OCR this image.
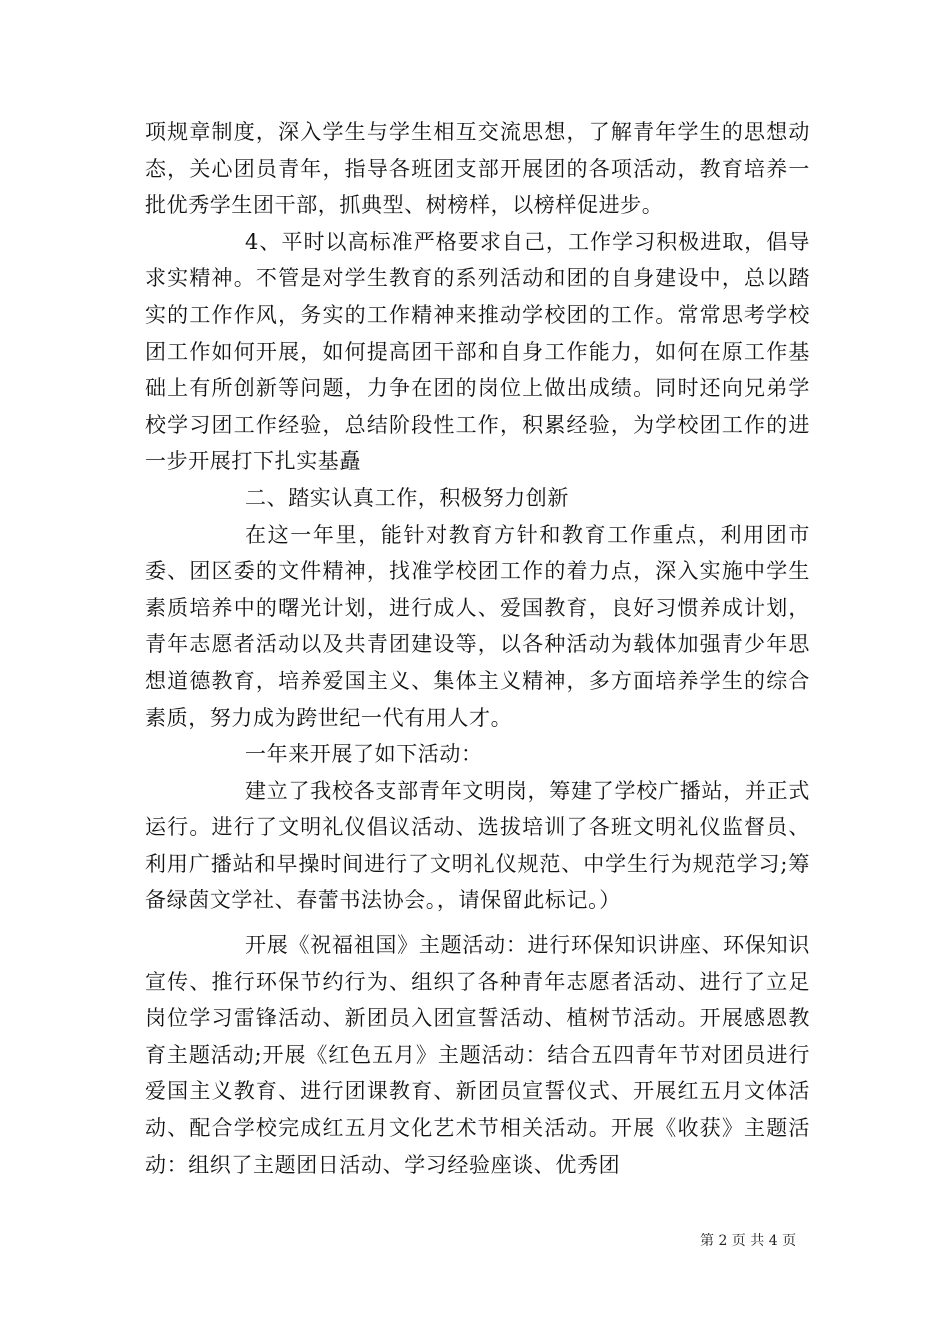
项规章制度，深入学生与学生相互交流思想，了解青年学生的思想动态，关心团员青年，指导各班团支部开展团的各项活动，教育培养一批优秀学生团干部，抓典型、树榜样，以榜样促进步。

4、平时以高标准严格要求自己，工作学习积极进取，倡导求实精神。不管是对学生教育的系列活动和团的自身建设中，总以踏实的工作作风，务实的工作精神来推动学校团的工作。常常思考学校团工作如何开展，如何提高团干部和自身工作能力，如何在原工作基础上有所创新等问题，力争在团的岗位上做出成绩。同时还向兄弟学校学习团工作经验，总结阶段性工作，积累经验，为学校团工作的进一步开展打下扎实基矗

二、踏实认真工作，积极努力创新

在这一年里，能针对教育方针和教育工作重点，利用团市委、团区委的文件精神，找准学校团工作的着力点，深入实施中学生素质培养中的曙光计划，进行成人、爱国教育，良好习惯养成计划，青年志愿者活动以及共青团建设等，以各种活动为载体加强青少年思想道德教育，培养爱国主义、集体主义精神，多方面培养学生的综合素质，努力成为跨世纪一代有用人才。

一年来开展了如下活动：

建立了我校各支部青年文明岗，筹建了学校广播站，并正式运行。进行了文明礼仪倡议活动、选拔培训了各班文明礼仪监督员、利用广播站和早操时间进行了文明礼仪规范、中学生行为规范学习;筹备绿茵文学社、春蕾书法协会。，请保留此标记。）

开展《祝福祖国》主题活动：进行环保知识讲座、环保知识宣传、推行环保节约行为、组织了各种青年志愿者活动、进行了立足岗位学习雷锋活动、新团员入团宣誓活动、植树节活动。开展感恩教育主题活动;开展《红色五月》主题活动：结合五四青年节对团员进行爱国主义教育、进行团课教育、新团员宣誓仪式、开展红五月文体活动、配合学校完成红五月文化艺术节相关活动。开展《收获》主题活动：组织了主题团日活动、学习经验座谈、优秀团

第 2 页 共 4 页
